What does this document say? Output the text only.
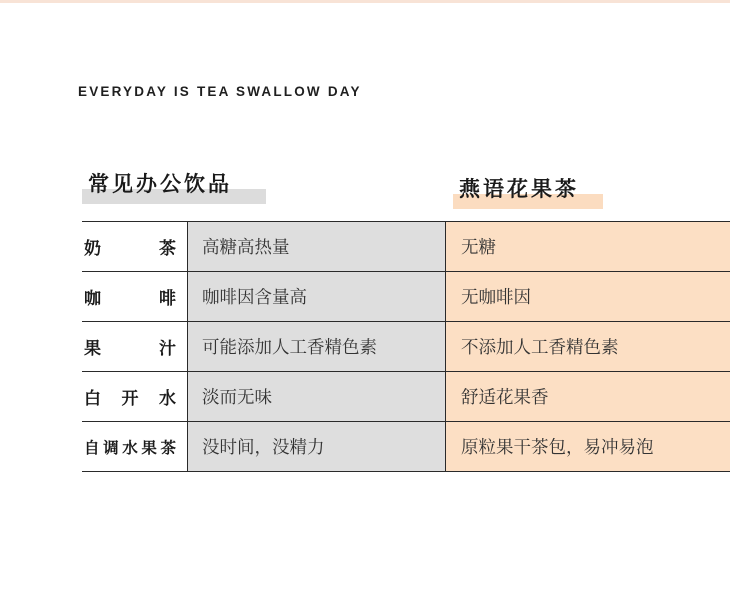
EVERYDAY IS TEA SWALLOW DAY
常见办公饮品	燕语花果茶
奶茶	高糖高热量	无糖
咖啡	咖啡因含量高	无咖啡因
果汁	可能添加人工香精色素	不添加人工香精色素
白开水	淡而无味	舒适花果香
自调水果茶	没时间，没精力	原粒果干茶包，易冲易泡
